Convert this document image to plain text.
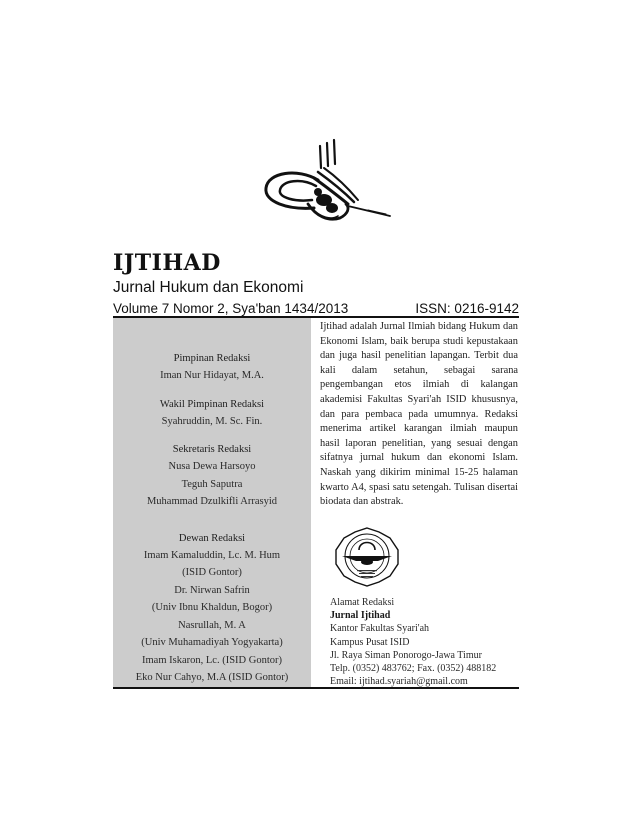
IJTIHAD
Jurnal Hukum dan Ekonomi
Volume 7 Nomor 2, Sya'ban 1434/2013	ISSN: 0216-9142
Pimpinan Redaksi
Iman Nur Hidayat, M.A.
Wakil Pimpinan Redaksi
Syahruddin, M. Sc. Fin.
Sekretaris Redaksi
Nusa Dewa Harsoyo
Teguh Saputra
Muhammad Dzulkifli Arrasyid
Dewan Redaksi
Imam Kamaluddin, Lc. M. Hum
(ISID Gontor)
Dr. Nirwan Safrin
(Univ Ibnu Khaldun, Bogor)
Nasrullah, M. A
(Univ Muhamadiyah Yogyakarta)
Imam Iskaron, Lc. (ISID Gontor)
Eko Nur Cahyo, M.A (ISID Gontor)

Ijtihad adalah Jurnal Ilmiah bidang Hukum dan Ekonomi Islam, baik berupa studi kepustakaan dan juga hasil penelitian lapangan. Terbit dua kali dalam setahun, sebagai sarana pengembangan etos ilmiah di kalangan akademisi Fakultas Syari'ah ISID khususnya, dan para pembaca pada umumnya. Redaksi menerima artikel karangan ilmiah maupun hasil laporan penelitian, yang sesuai dengan sifatnya jurnal hukum dan ekonomi Islam. Naskah yang dikirim minimal 15-25 halaman kwarto A4, spasi satu setengah. Tulisan disertai biodata dan abstrak.

Alamat Redaksi
Jurnal Ijtihad
Kantor Fakultas Syari'ah
Kampus Pusat ISID
Jl. Raya Siman Ponorogo-Jawa Timur
Telp. (0352) 483762; Fax. (0352) 488182
Email: ijtihad.syariah@gmail.com
